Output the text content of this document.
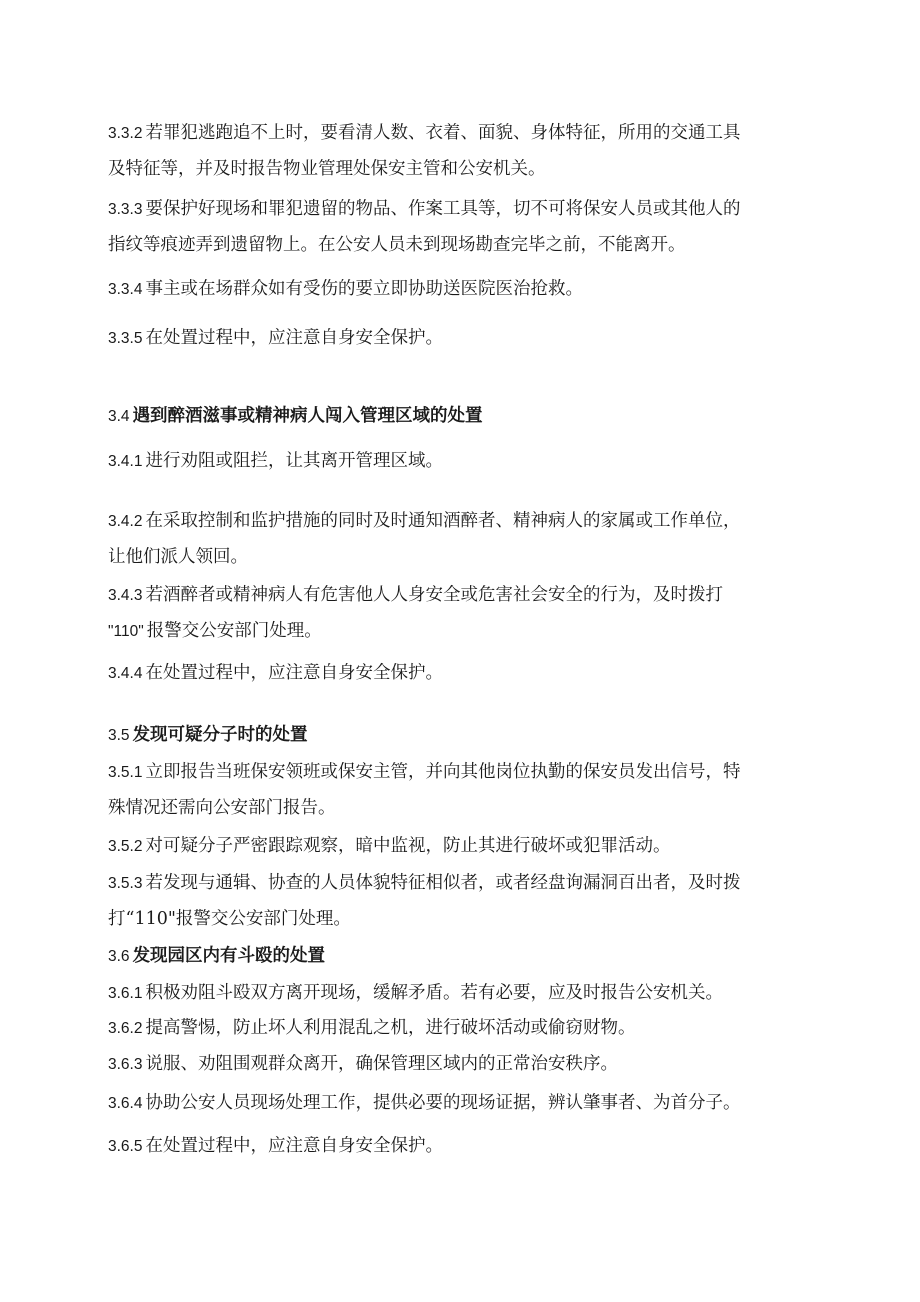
3.3.2 若罪犯逃跑追不上时，要看清人数、衣着、面貌、身体特征，所用的交通工具
及特征等，并及时报告物业管理处保安主管和公安机关。
3.3.3 要保护好现场和罪犯遗留的物品、作案工具等，切不可将保安人员或其他人的
指纹等痕迹弄到遗留物上。在公安人员未到现场勘查完毕之前，不能离开。
3.3.4 事主或在场群众如有受伤的要立即协助送医院医治抢救。
3.3.5 在处置过程中，应注意自身安全保护。
3.4 遇到醉酒滋事或精神病人闯入管理区域的处置
3.4.1 进行劝阻或阻拦，让其离开管理区域。
3.4.2 在采取控制和监护措施的同时及时通知酒醉者、精神病人的家属或工作单位，
让他们派人领回。
3.4.3 若酒醉者或精神病人有危害他人人身安全或危害社会安全的行为，及时拨打
"110" 报警交公安部门处理。
3.4.4 在处置过程中，应注意自身安全保护。
3.5 发现可疑分子时的处置
3.5.1 立即报告当班保安领班或保安主管，并向其他岗位执勤的保安员发出信号，特
殊情况还需向公安部门报告。
3.5.2 对可疑分子严密跟踪观察，暗中监视，防止其进行破坏或犯罪活动。
3.5.3 若发现与通辑、协查的人员体貌特征相似者，或者经盘询漏洞百出者，及时拨
打“110"报警交公安部门处理。
3.6 发现园区内有斗殴的处置
3.6.1 积极劝阻斗殴双方离开现场，缓解矛盾。若有必要，应及时报告公安机关。
3.6.2 提高警惕，防止坏人利用混乱之机，进行破坏活动或偷窃财物。
3.6.3 说服、劝阻围观群众离开，确保管理区域内的正常治安秩序。
3.6.4 协助公安人员现场处理工作，提供必要的现场证据，辨认肇事者、为首分子。
3.6.5 在处置过程中，应注意自身安全保护。
